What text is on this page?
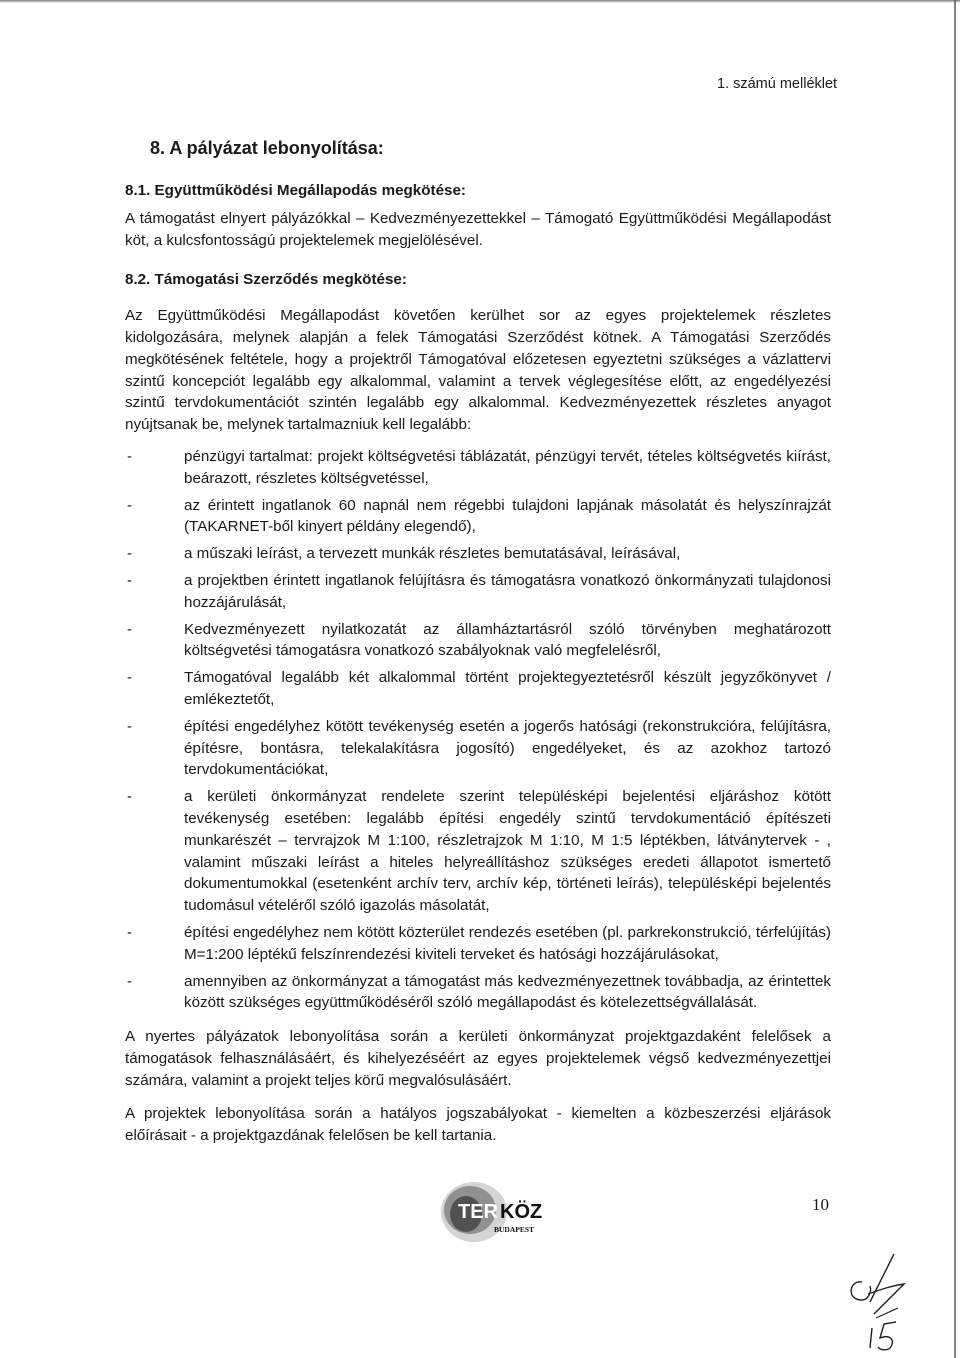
1. számú melléklet
8. A pályázat lebonyolítása:

8.1. Együttműködési Megállapodás megkötése:

A támogatást elnyert pályázókkal – Kedvezményezettekkel – Támogató Együttműködési Megállapodást köt, a kulcsfontosságú projektelemek megjelölésével.

8.2. Támogatási Szerződés megkötése:

Az Együttműködési Megállapodást követően kerülhet sor az egyes projektelemek részletes kidolgozására, melynek alapján a felek Támogatási Szerződést kötnek. A Támogatási Szerződés megkötésének feltétele, hogy a projektről Támogatóval előzetesen egyeztetni szükséges a vázlattervi szintű koncepciót legalább egy alkalommal, valamint a tervek véglegesítése előtt, az engedélyezési szintű tervdokumentációt szintén legalább egy alkalommal. Kedvezményezettek részletes anyagot nyújtsanak be, melynek tartalmazniuk kell legalább:

-	pénzügyi tartalmat: projekt költségvetési táblázatát, pénzügyi tervét, tételes költségvetés kiírást, beárazott, részletes költségvetéssel,
-	az érintett ingatlanok 60 napnál nem régebbi tulajdoni lapjának másolatát és helyszínrajzát (TAKARNET-ből kinyert példány elegendő),
-	a műszaki leírást, a tervezett munkák részletes bemutatásával, leírásával,
-	a projektben érintett ingatlanok felújításra és támogatásra vonatkozó önkormányzati tulajdonosi hozzájárulását,
-	Kedvezményezett nyilatkozatát az államháztartásról szóló törvényben meghatározott költségvetési támogatásra vonatkozó szabályoknak való megfelelésről,
-	Támogatóval legalább két alkalommal történt projektegyeztetésről készült jegyzőkönyvet / emlékeztetőt,
-	építési engedélyhez kötött tevékenység esetén a jogerős hatósági (rekonstrukcióra, felújításra, építésre, bontásra, telekalakításra jogosító) engedélyeket, és az azokhoz tartozó tervdokumentációkat,
-	a kerületi önkormányzat rendelete szerint településképi bejelentési eljáráshoz kötött tevékenység esetében: legalább építési engedély szintű tervdokumentáció építészeti munkarészét – tervrajzok M 1:100, részletrajzok M 1:10, M 1:5 léptékben, látványtervek - , valamint műszaki leírást a hiteles helyreállításhoz szükséges eredeti állapotot ismertető dokumentumokkal (esetenként archív terv, archív kép, történeti leírás), településképi bejelentés tudomásul vételéről szóló igazolás másolatát,
-	építési engedélyhez nem kötött közterület rendezés esetében (pl. parkrekonstrukció, térfelújítás) M=1:200 léptékű felszínrendezési kiviteli terveket és hatósági hozzájárulásokat,
-	amennyiben az önkormányzat a támogatást más kedvezményezettnek továbbadja, az érintettek között szükséges együttműködéséről szóló megállapodást és kötelezettségvállalását.

A nyertes pályázatok lebonyolítása során a kerületi önkormányzat projektgazdaként felelősek a támogatások felhasználásáért, és kihelyezéséért az egyes projektelemek végső kedvezményezettjei számára, valamint a projekt teljes körű megvalósulásáért.

A projektek lebonyolítása során a hatályos jogszabályokat - kiemelten a közbeszerzési eljárások előírásait - a projektgazdának felelősen be kell tartania.

TER KÖZ
BUDAPEST
10
